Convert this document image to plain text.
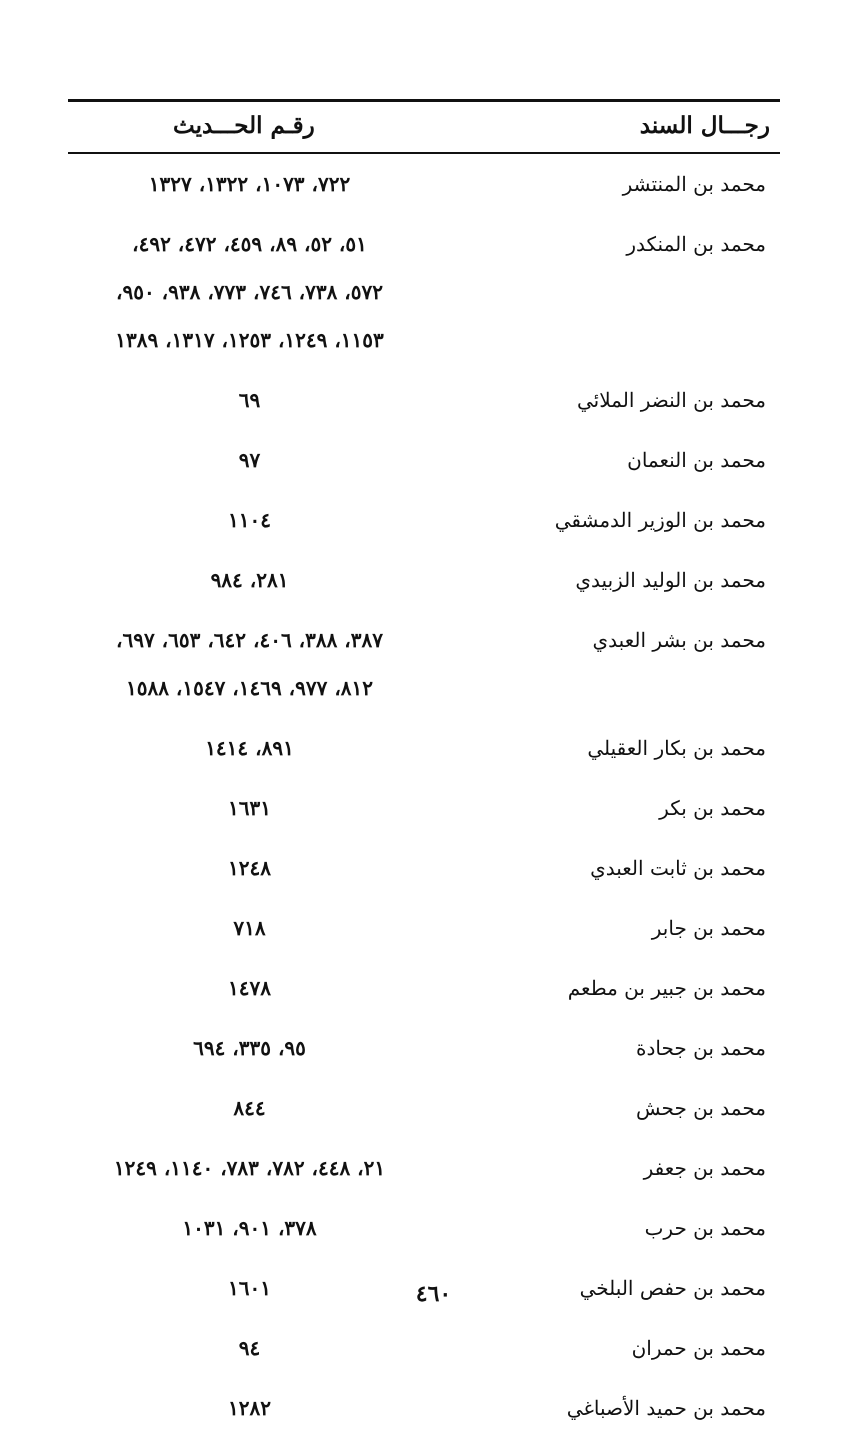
رجـــال السند
رقـم الحـــديث
محمد بن المنتشر
٧٢٢، ١٠٧٣، ١٣٢٢، ١٣٢٧
محمد بن المنكدر
٥١، ٥٢، ٨٩، ٤٥٩، ٤٧٢، ٤٩٢،
٥٧٢، ٧٣٨، ٧٤٦، ٧٧٣، ٩٣٨، ٩٥٠،
١١٥٣، ١٢٤٩، ١٢٥٣، ١٣١٧، ١٣٨٩
محمد بن النضر الملائي
٦٩
محمد بن النعمان
٩٧
محمد بن الوزير الدمشقي
١١٠٤
محمد بن الوليد الزبيدي
٢٨١، ٩٨٤
محمد بن بشر العبدي
٣٨٧، ٣٨٨، ٤٠٦، ٦٤٢، ٦٥٣، ٦٩٧،
٨١٢، ٩٧٧، ١٤٦٩، ١٥٤٧، ١٥٨٨
محمد بن بكار العقيلي
٨٩١، ١٤١٤
محمد بن بكر
١٦٣١
محمد بن ثابت العبدي
١٢٤٨
محمد بن جابر
٧١٨
محمد بن جبير بن مطعم
١٤٧٨
محمد بن جحادة
٩٥، ٣٣٥، ٦٩٤
محمد بن جحش
٨٤٤
محمد بن جعفر
٢١، ٤٤٨، ٧٨٢، ٧٨٣، ١١٤٠، ١٢٤٩
محمد بن حرب
٣٧٨، ٩٠١، ١٠٣١
محمد بن حفص البلخي
١٦٠١
محمد بن حمران
٩٤
محمد بن حميد الأصباغي
١٢٨٢
٤٦٠
